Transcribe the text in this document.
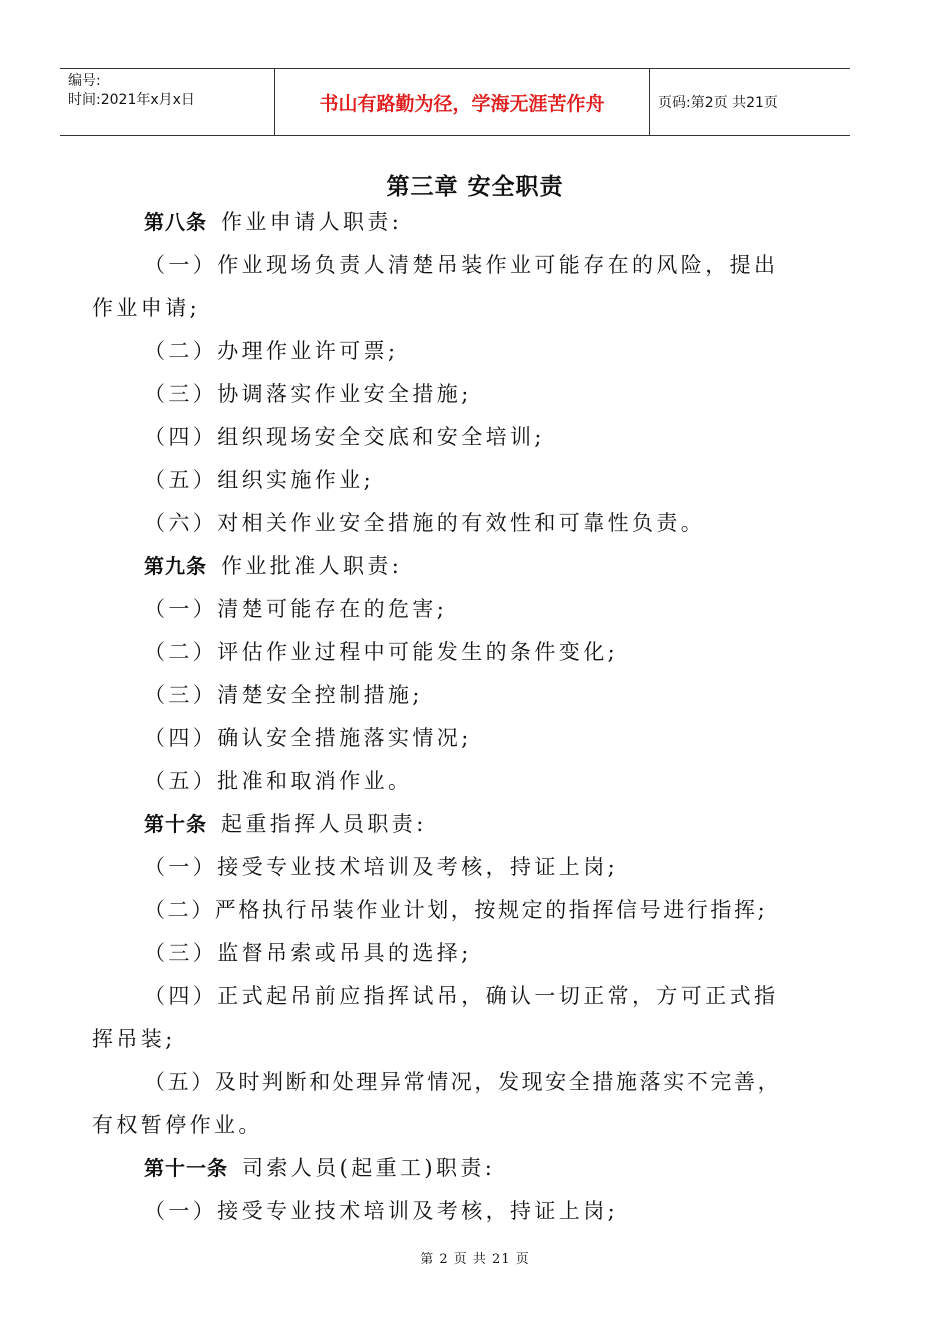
编号:
时间:2021年x月x日	书山有路勤为径，学海无涯苦作舟	页码:第2页 共21页
第三章 安全职责
第八条 作业申请人职责:
（一）作业现场负责人清楚吊装作业可能存在的风险，提出
作业申请;
（二）办理作业许可票;
（三）协调落实作业安全措施;
（四）组织现场安全交底和安全培训;
（五）组织实施作业;
（六）对相关作业安全措施的有效性和可靠性负责。
第九条 作业批准人职责:
（一）清楚可能存在的危害;
（二）评估作业过程中可能发生的条件变化;
（三）清楚安全控制措施;
（四）确认安全措施落实情况;
（五）批准和取消作业。
第十条 起重指挥人员职责:
（一）接受专业技术培训及考核，持证上岗;
（二）严格执行吊装作业计划，按规定的指挥信号进行指挥;
（三）监督吊索或吊具的选择;
（四）正式起吊前应指挥试吊，确认一切正常，方可正式指
挥吊装;
（五）及时判断和处理异常情况，发现安全措施落实不完善，
有权暂停作业。
第十一条 司索人员(起重工)职责:
（一）接受专业技术培训及考核，持证上岗;
第 2 页 共 21 页
